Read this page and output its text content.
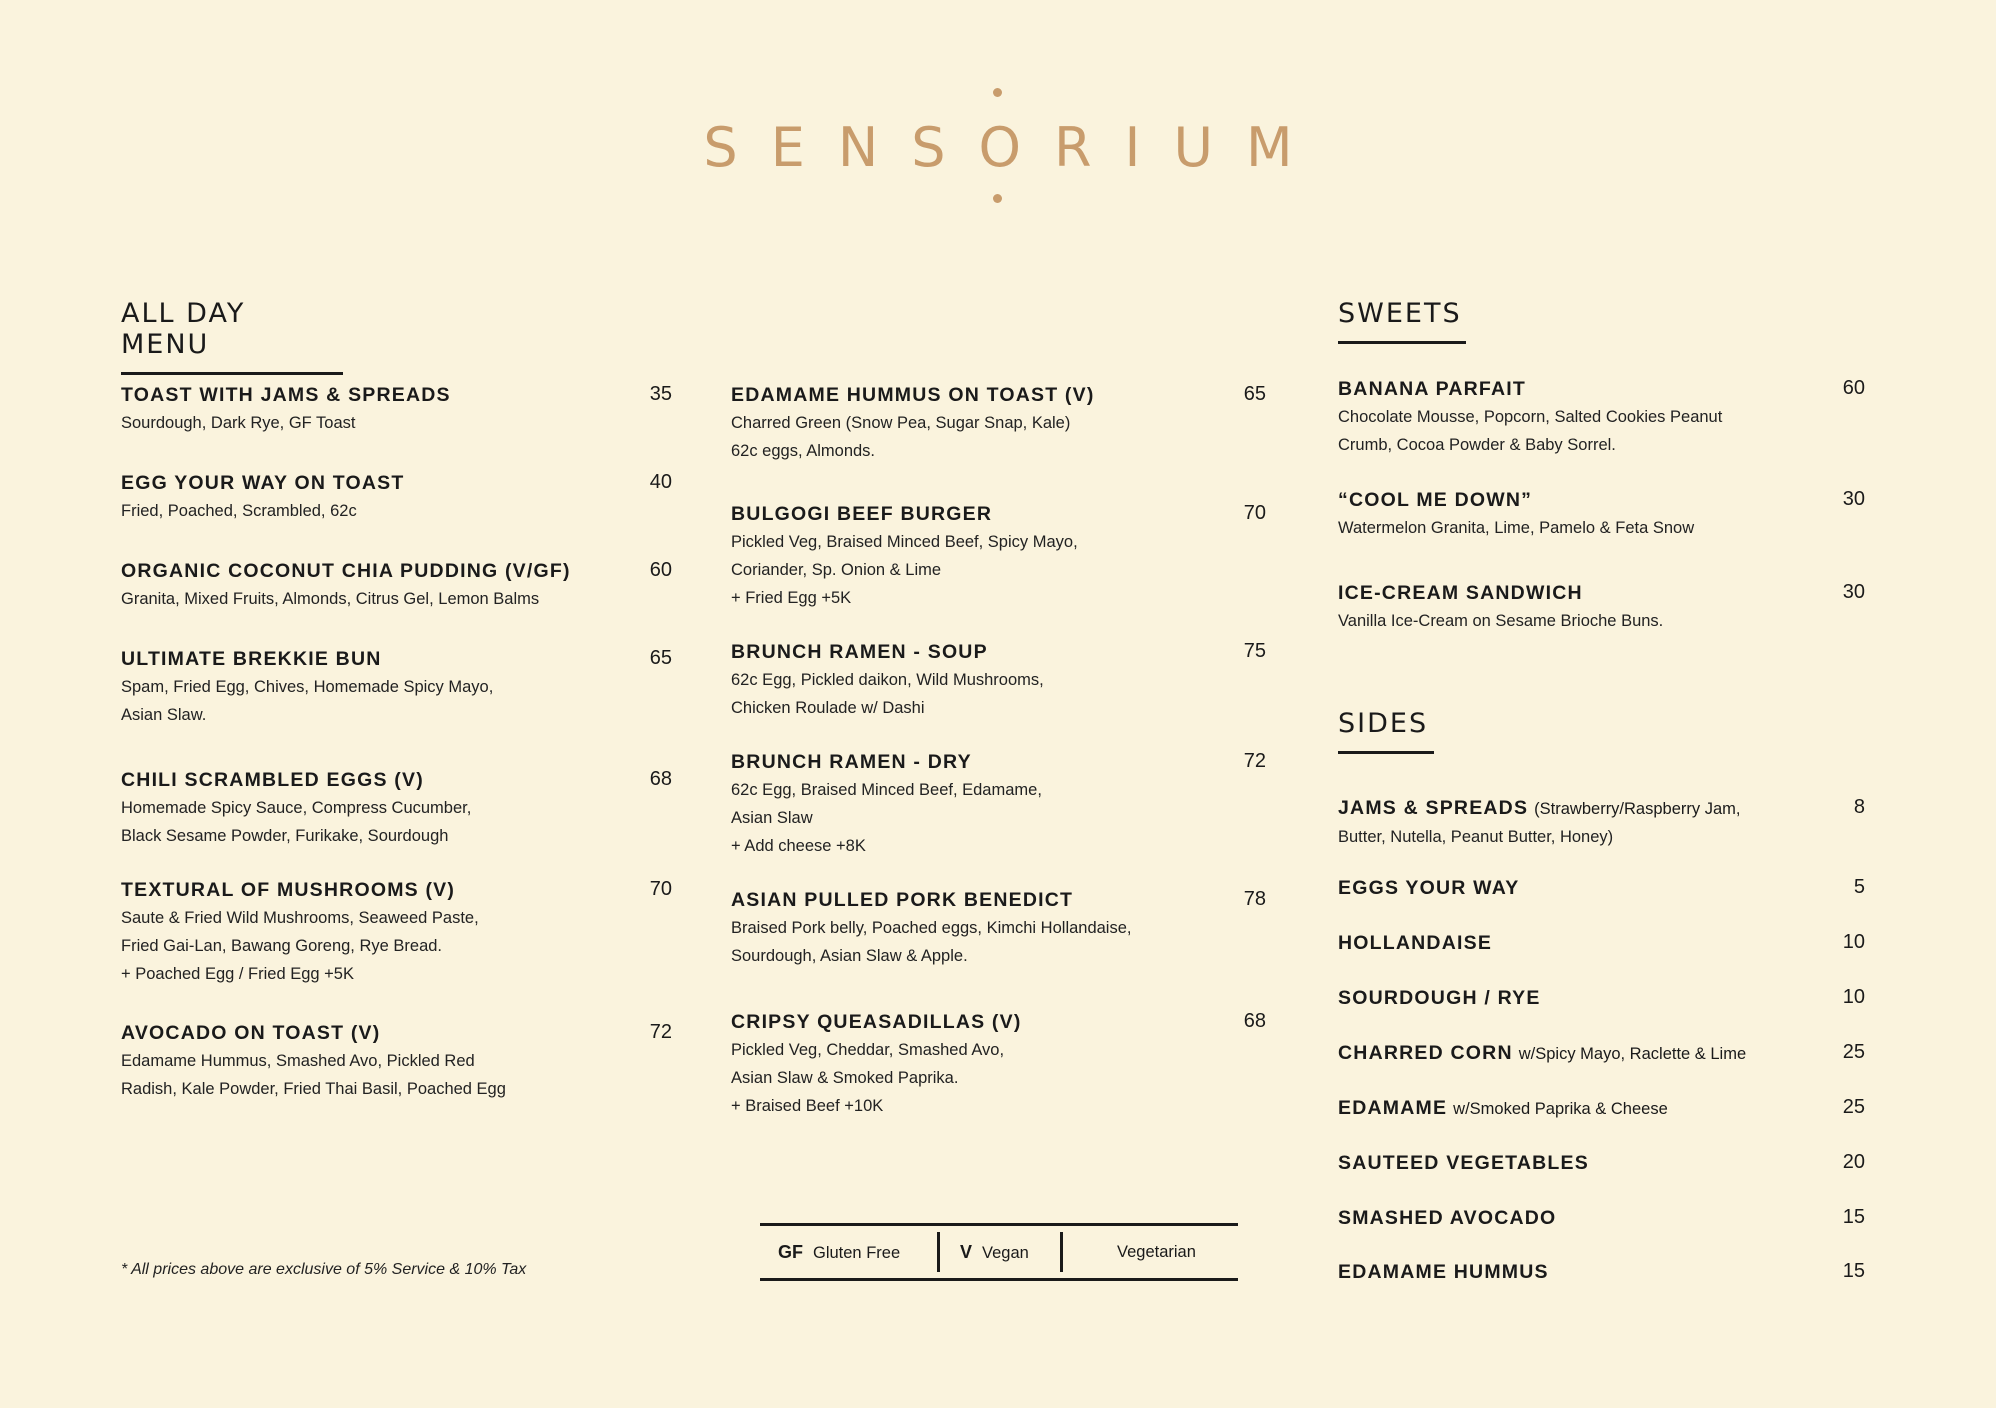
SENSORIUM
ALL DAY MENU
TOAST WITH JAMS & SPREADS	35
Sourdough, Dark Rye, GF Toast
EGG YOUR WAY ON TOAST	40
Fried, Poached, Scrambled, 62c
ORGANIC COCONUT CHIA PUDDING (V/GF)	60
Granita, Mixed Fruits, Almonds, Citrus Gel, Lemon Balms
ULTIMATE BREKKIE BUN	65
Spam, Fried Egg, Chives, Homemade Spicy Mayo,
Asian Slaw.
CHILI SCRAMBLED EGGS (V)	68
Homemade Spicy Sauce, Compress Cucumber,
Black Sesame Powder, Furikake, Sourdough
TEXTURAL OF MUSHROOMS (V)	70
Saute & Fried Wild Mushrooms, Seaweed Paste,
Fried Gai-Lan, Bawang Goreng, Rye Bread.
+ Poached Egg / Fried Egg +5K
AVOCADO ON TOAST (V)	72
Edamame Hummus, Smashed Avo, Pickled Red
Radish, Kale Powder, Fried Thai Basil, Poached Egg
EDAMAME HUMMUS ON TOAST (V)	65
Charred Green (Snow Pea, Sugar Snap, Kale)
62c eggs, Almonds.
BULGOGI BEEF BURGER	70
Pickled Veg, Braised Minced Beef, Spicy Mayo,
Coriander, Sp. Onion & Lime
+ Fried Egg +5K
BRUNCH RAMEN - SOUP	75
62c Egg, Pickled daikon, Wild Mushrooms,
Chicken Roulade w/ Dashi
BRUNCH RAMEN - DRY	72
62c Egg, Braised Minced Beef, Edamame,
Asian Slaw
+ Add cheese +8K
ASIAN PULLED PORK BENEDICT	78
Braised Pork belly, Poached eggs, Kimchi Hollandaise,
Sourdough, Asian Slaw & Apple.
CRIPSY QUEASADILLAS (V)	68
Pickled Veg, Cheddar, Smashed Avo,
Asian Slaw & Smoked Paprika.
+ Braised Beef +10K
SWEETS
BANANA PARFAIT	60
Chocolate Mousse, Popcorn, Salted Cookies Peanut
Crumb, Cocoa Powder & Baby Sorrel.
“COOL ME DOWN”	30
Watermelon Granita, Lime, Pamelo & Feta Snow
ICE-CREAM SANDWICH	30
Vanilla Ice-Cream on Sesame Brioche Buns.
SIDES
JAMS & SPREADS (Strawberry/Raspberry Jam,	8
Butter, Nutella, Peanut Butter, Honey)
EGGS YOUR WAY	5
HOLLANDAISE	10
SOURDOUGH / RYE	10
CHARRED CORN w/Spicy Mayo, Raclette & Lime	25
EDAMAME w/Smoked Paprika & Cheese	25
SAUTEED VEGETABLES	20
SMASHED AVOCADO	15
EDAMAME HUMMUS	15
* All prices above are exclusive of 5% Service & 10% Tax
GF Gluten Free	V Vegan	Vegetarian
